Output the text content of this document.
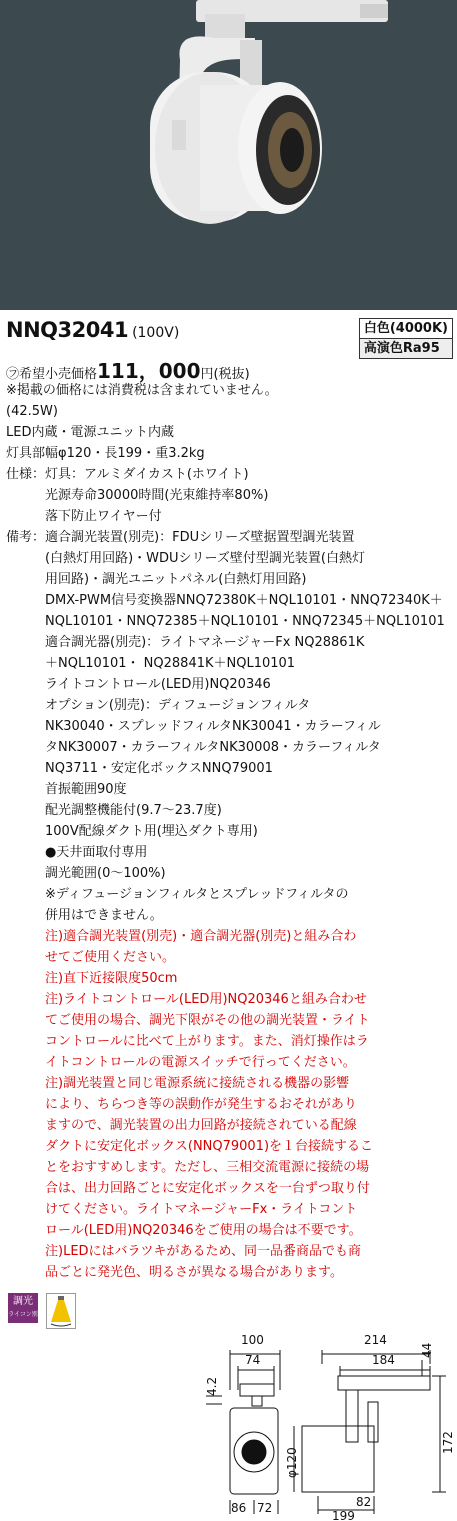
NNQ32041 (100V)	白色(4000K)
高演色Ra95
㋫希望小売価格111，000円(税抜)
※掲載の価格には消費税は含まれていません。
(42.5W)
LED内蔵・電源ユニット内蔵
灯具部幅φ120・長199・重3.2kg
仕様：灯具：アルミダイカスト(ホワイト)
　　　光源寿命30000時間(光束維持率80%)
　　　落下防止ワイヤー付
備考：適合調光装置(別売)：FDUシリーズ壁据置型調光装置
　　　(白熱灯用回路)・WDUシリーズ壁付型調光装置(白熱灯
　　　用回路)・調光ユニットパネル(白熱灯用回路)
　　　DMX-PWM信号変換器NNQ72380K＋NQL10101・NNQ72340K＋
　　　NQL10101・NNQ72385＋NQL10101・NNQ72345＋NQL10101
　　　適合調光器(別売)：ライトマネージャーFx NQ28861K
　　　＋NQL10101・ NQ28841K＋NQL10101
　　　ライトコントロール(LED用)NQ20346
　　　オプション(別売)：ディフュージョンフィルタ
　　　NK30040・スプレッドフィルタNK30041・カラーフィル
　　　タNK30007・カラーフィルタNK30008・カラーフィルタ
　　　NQ3711・安定化ボックスNNQ79001
　　　首振範囲90度
　　　配光調整機能付(9.7～23.7度)
　　　100V配線ダクト用(埋込ダクト専用)
　　　●天井面取付専用
　　　調光範囲(0～100%)
　　　※ディフュージョンフィルタとスプレッドフィルタの
　　　併用はできません。
　　　注)適合調光装置(別売)・適合調光器(別売)と組み合わ
　　　せてご使用ください。
　　　注)直下近接限度50cm
　　　注)ライトコントロール(LED用)NQ20346と組み合わせ
　　　てご使用の場合、調光下限がその他の調光装置・ライト
　　　コントロールに比べて上がります。また、消灯操作はラ
　　　イトコントロールの電源スイッチで行ってください。
　　　注)調光装置と同じ電源系統に接続される機器の影響
　　　により、ちらつき等の誤動作が発生するおそれがあり
　　　ますので、調光装置の出力回路が接続されている配線
　　　ダクトに安定化ボックス(NNQ79001)を１台接続するこ
　　　とをおすすめします。ただし、三相交流電源に接続の場
　　　合は、出力回路ごとに安定化ボックスを一台ずつ取り付
　　　けてください。ライトマネージャーFx・ライトコント
　　　ロール(LED用)NQ20346をご使用の場合は不要です。
　　　注)LEDにはバラツキがあるため、同一品番商品でも商
　　　品ごとに発光色、明るさが異なる場合があります。
調光
ライコン別売
100
74
4.2
86 72
214
184
44
172
φ120
82
199
